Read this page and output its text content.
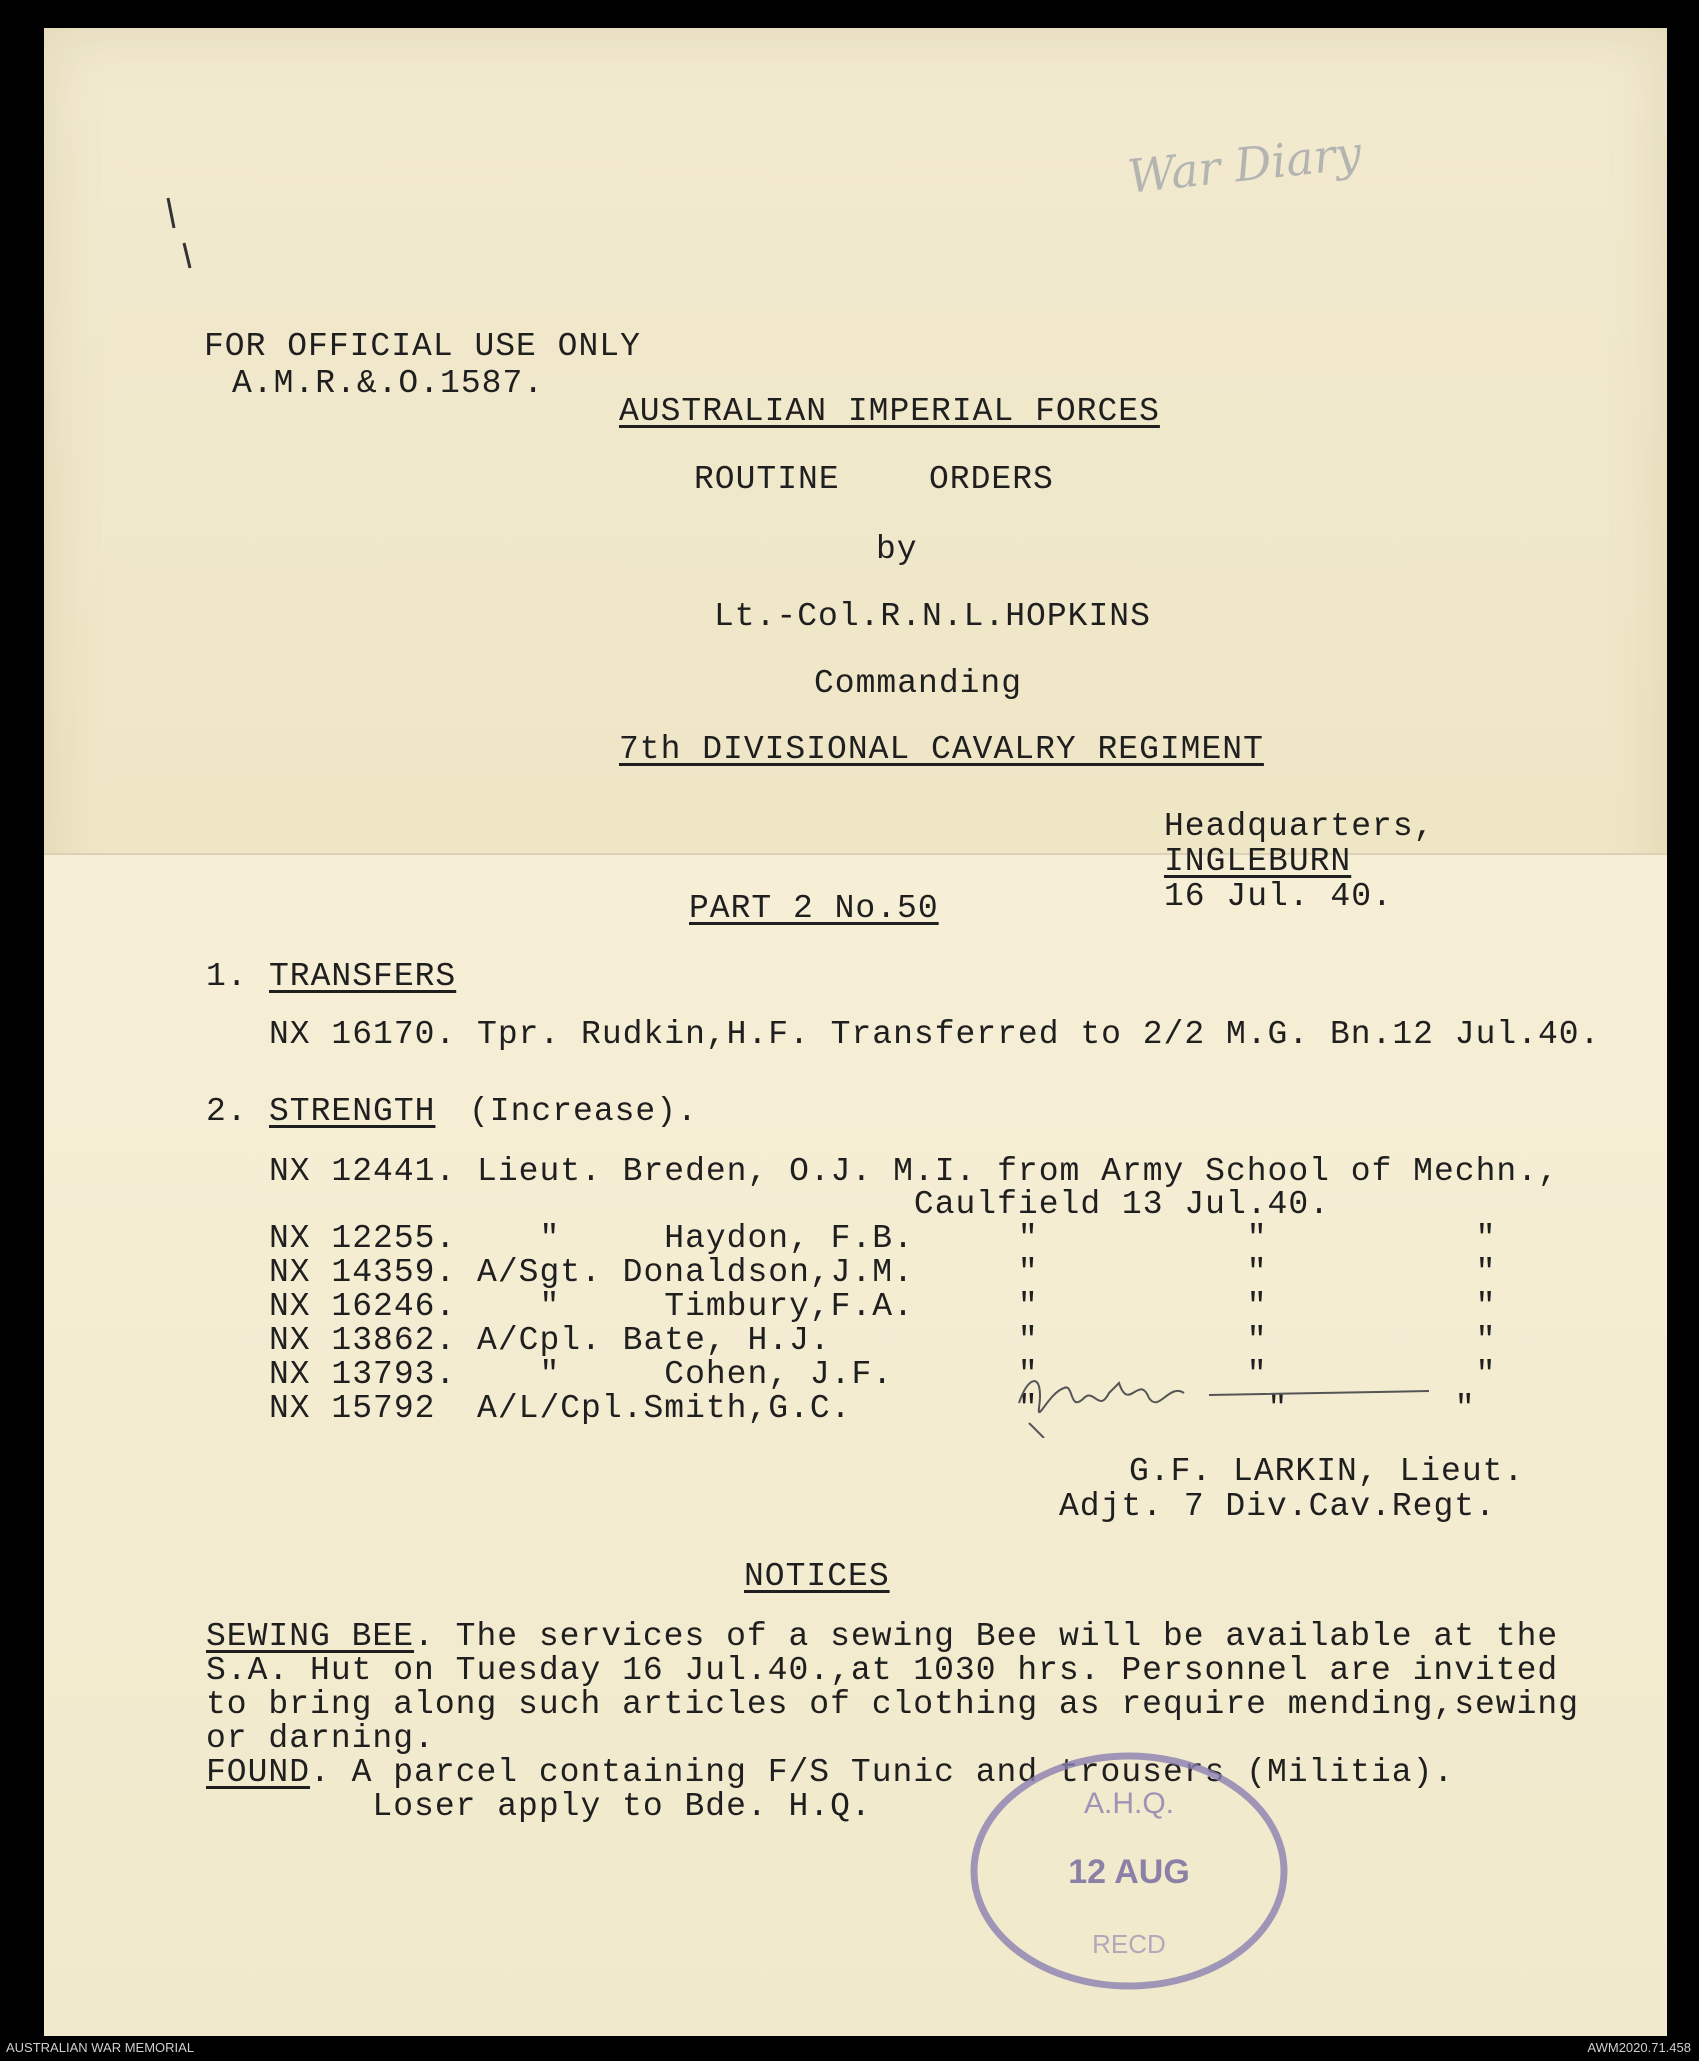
War Diary
FOR OFFICIAL USE ONLY
A.M.R.&.O.1587.
AUSTRALIAN IMPERIAL FORCES
ROUTINE	ORDERS
by
Lt.-Col.R.N.L.HOPKINS
Commanding
7th DIVISIONAL CAVALRY REGIMENT
Headquarters,
INGLEBURN
16 Jul. 40.
PART 2 No.50
1. TRANSFERS
NX 16170. Tpr. Rudkin,H.F. Transferred to 2/2 M.G. Bn.12 Jul.40.
2. STRENGTH (Increase).
NX 12441. Lieut. Breden, O.J. M.I. from Army School of Mechn.,
Caulfield 13 Jul.40.
NX 12255.    "     Haydon, F.B.     "          "          "
NX 14359. A/Sgt. Donaldson,J.M.     "          "          "
NX 16246.    "     Timbury,F.A.     "          "          "
NX 13862. A/Cpl. Bate, H.J.         "          "          "
NX 13793.    "     Cohen, J.F.      "          "          "
NX 15792  A/L/Cpl.Smith,G.C.        "           "        "
G.F. LARKIN, Lieut.
Adjt. 7 Div.Cav.Regt.
NOTICES
SEWING BEE. The services of a sewing Bee will be available at the
S.A. Hut on Tuesday 16 Jul.40.,at 1030 hrs. Personnel are invited
to bring along such articles of clothing as require mending,sewing
or darning.
FOUND. A parcel containing F/S Tunic and trousers (Militia).
Loser apply to Bde. H.Q.	A.H.Q.
12 AUG
RECD
AUSTRALIAN WAR MEMORIAL	AWM2020.71.458
